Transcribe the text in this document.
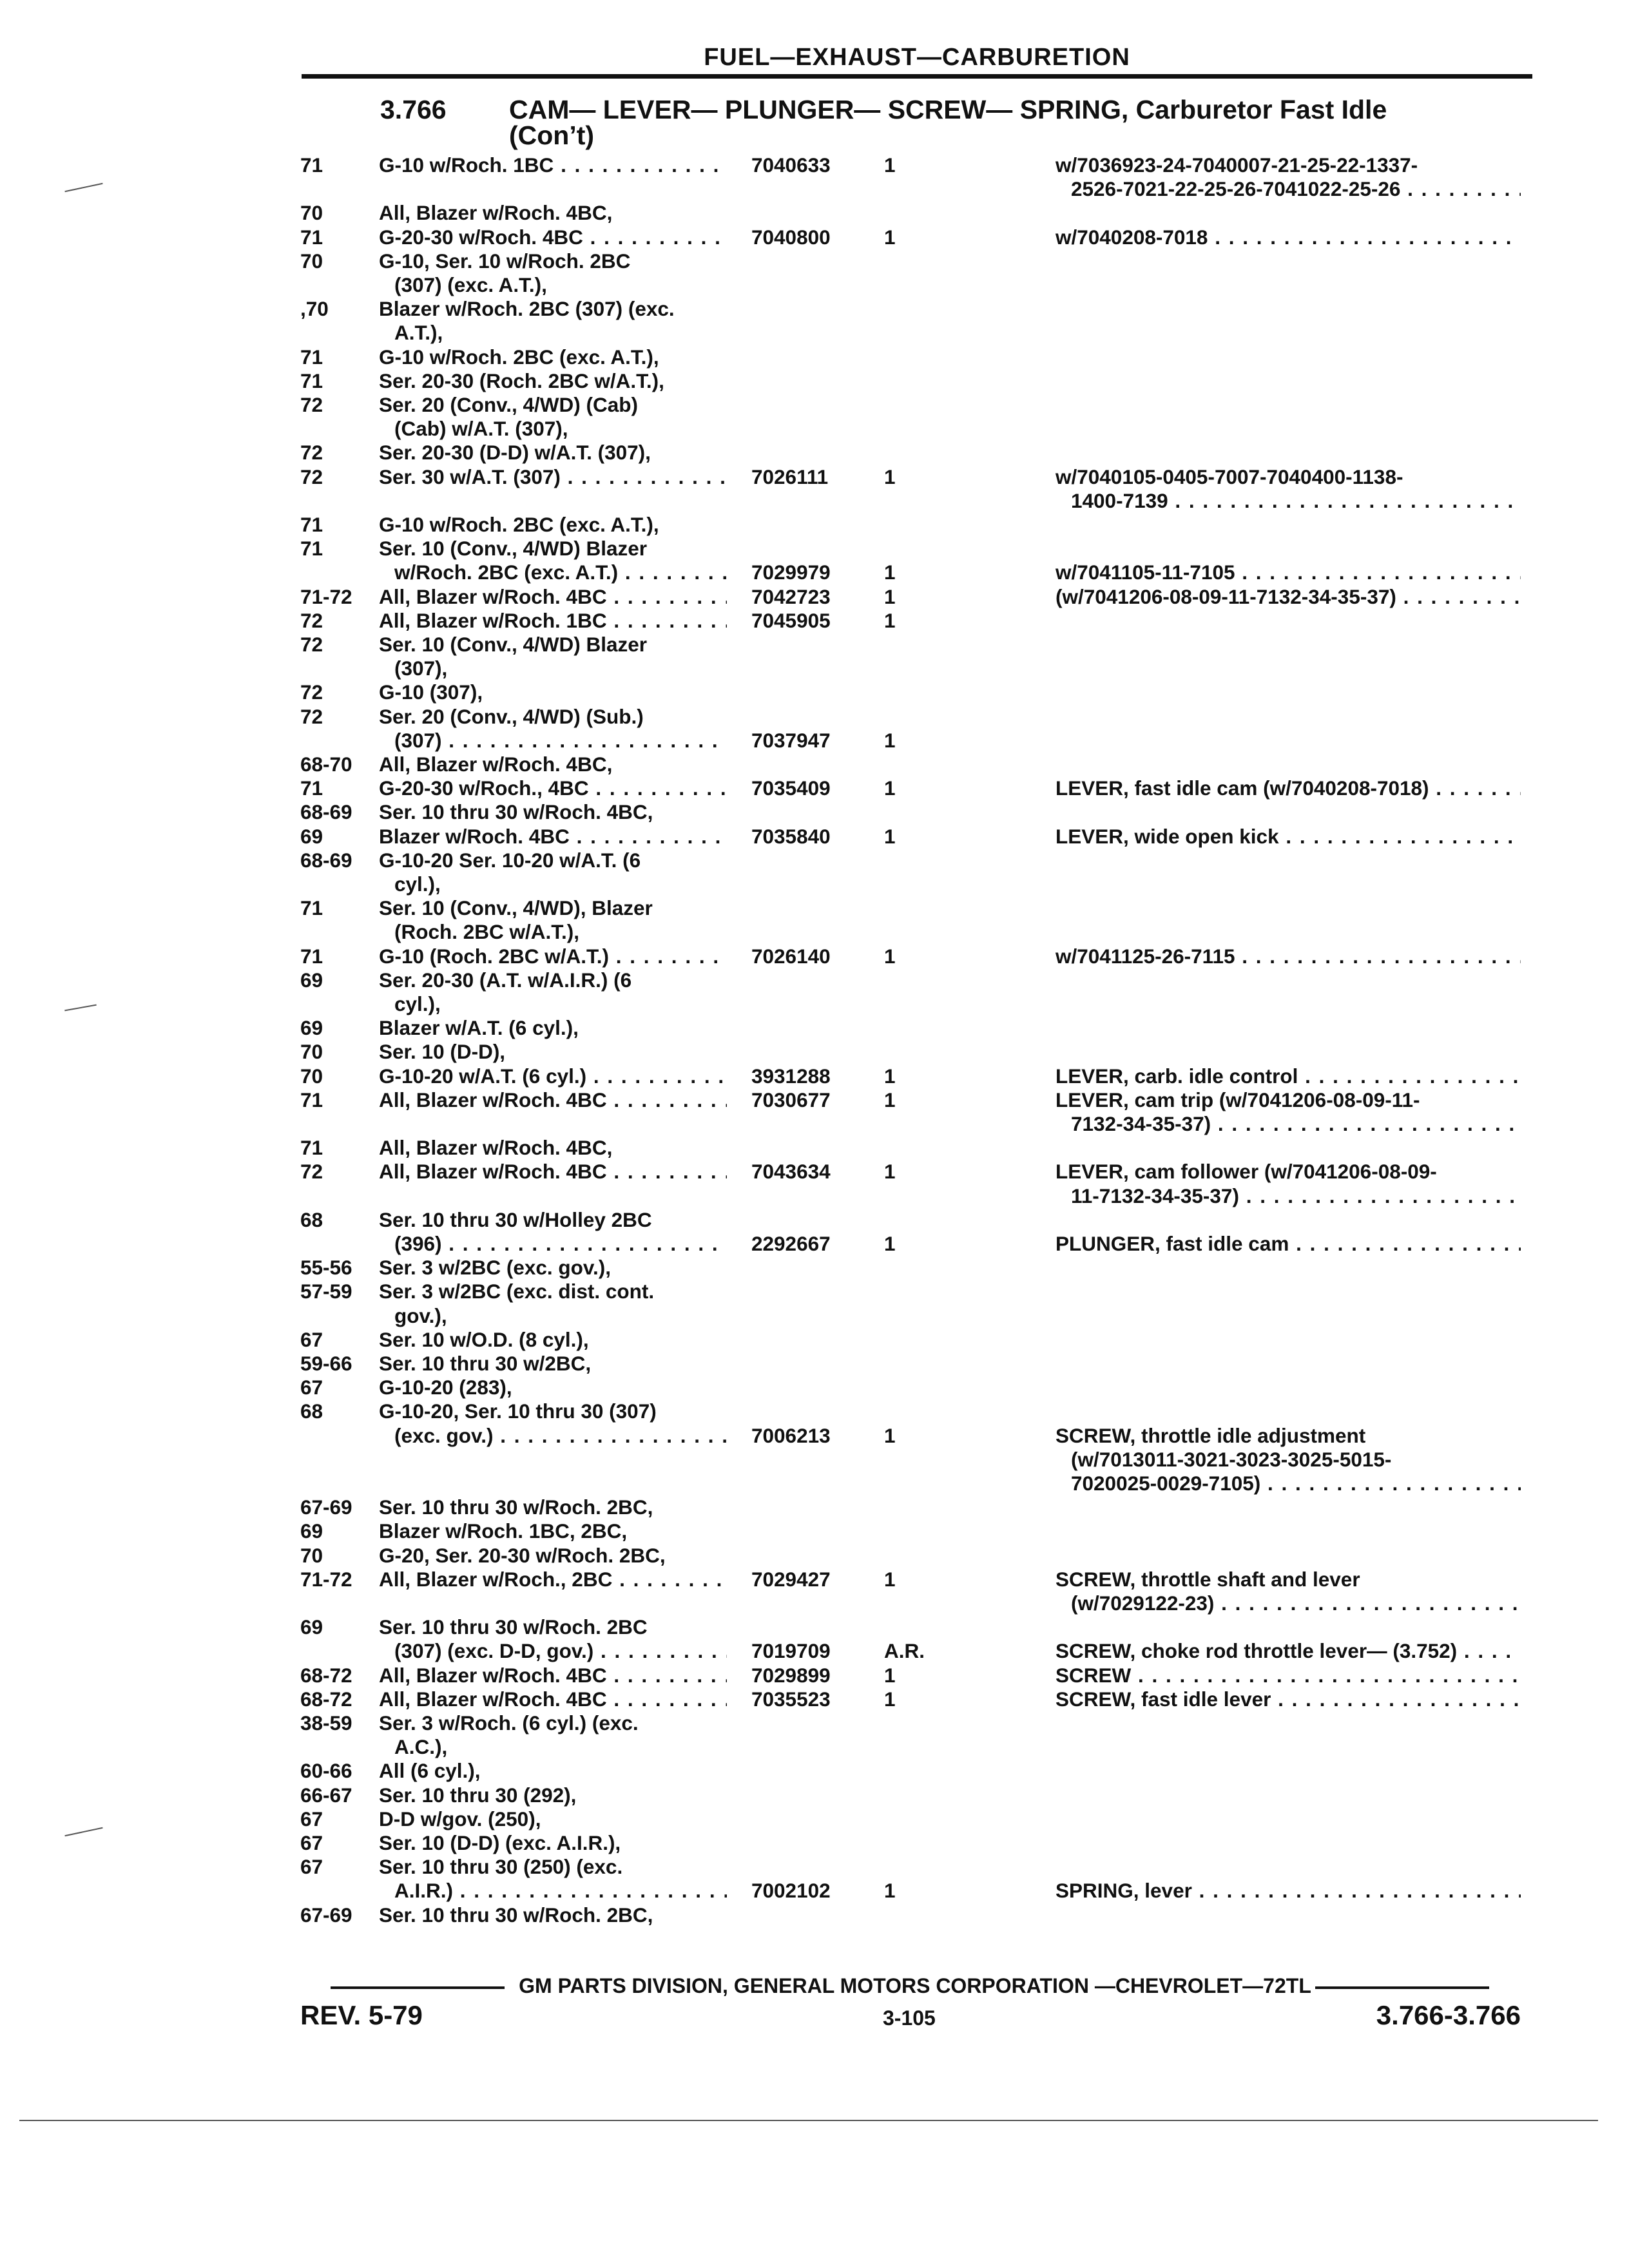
FUEL—EXHAUST—CARBURETION
3.766 CAM— LEVER— PLUNGER— SCREW— SPRING, Carburetor Fast Idle
(Con’t)
71	G-10 w/Roch. 1BC . . .	7040633	1	w/7036923-24-7040007-21-25-22-1337-
2526-7021-22-25-26-7041022-25-26 . . .
70	All, Blazer w/Roch. 4BC,
71	G-20-30 w/Roch. 4BC . . .	7040800	1	w/7040208-7018 . . .
70	G-10, Ser. 10 w/Roch. 2BC
(307) (exc. A.T.),
,70	Blazer w/Roch. 2BC (307) (exc.
A.T.),
71	G-10 w/Roch. 2BC (exc. A.T.),
71	Ser. 20-30 (Roch. 2BC w/A.T.),
72	Ser. 20 (Conv., 4/WD) (Cab)
(Cab) w/A.T. (307),
72	Ser. 20-30 (D-D) w/A.T. (307),
72	Ser. 30 w/A.T. (307) . . .	7026111	1	w/7040105-0405-7007-7040400-1138-
1400-7139 . . .
71	G-10 w/Roch. 2BC (exc. A.T.),
71	Ser. 10 (Conv., 4/WD) Blazer
w/Roch. 2BC (exc. A.T.) . . .	7029979	1	w/7041105-11-7105 . . .
71-72	All, Blazer w/Roch. 4BC . . .	7042723	1	(w/7041206-08-09-11-7132-34-35-37) . . .
72	All, Blazer w/Roch. 1BC . . .	7045905	1
72	Ser. 10 (Conv., 4/WD) Blazer
(307),
72	G-10 (307),
72	Ser. 20 (Conv., 4/WD) (Sub.)
(307) . . .	7037947	1
68-70	All, Blazer w/Roch. 4BC,
71	G-20-30 w/Roch., 4BC . . .	7035409	1	LEVER, fast idle cam (w/7040208-7018) . . .
68-69	Ser. 10 thru 30 w/Roch. 4BC,
69	Blazer w/Roch. 4BC . . .	7035840	1	LEVER, wide open kick . . .
68-69	G-10-20 Ser. 10-20 w/A.T. (6
cyl.),
71	Ser. 10 (Conv., 4/WD), Blazer
(Roch. 2BC w/A.T.),
71	G-10 (Roch. 2BC w/A.T.) . . .	7026140	1	w/7041125-26-7115 . . .
69	Ser. 20-30 (A.T. w/A.I.R.) (6
cyl.),
69	Blazer w/A.T. (6 cyl.),
70	Ser. 10 (D-D),
70	G-10-20 w/A.T. (6 cyl.) . . .	3931288	1	LEVER, carb. idle control . . .
71	All, Blazer w/Roch. 4BC . . .	7030677	1	LEVER, cam trip (w/7041206-08-09-11-
7132-34-35-37) . . .
71	All, Blazer w/Roch. 4BC,
72	All, Blazer w/Roch. 4BC . . .	7043634	1	LEVER, cam follower (w/7041206-08-09-
11-7132-34-35-37) . . .
68	Ser. 10 thru 30 w/Holley 2BC
(396) . . .	2292667	1	PLUNGER, fast idle cam . . .
55-56	Ser. 3 w/2BC (exc. gov.),
57-59	Ser. 3 w/2BC (exc. dist. cont.
gov.),
67	Ser. 10 w/O.D. (8 cyl.),
59-66	Ser. 10 thru 30 w/2BC,
67	G-10-20 (283),
68	G-10-20, Ser. 10 thru 30 (307)
(exc. gov.) . . .	7006213	1	SCREW, throttle idle adjustment
(w/7013011-3021-3023-3025-5015-
7020025-0029-7105) . . .
67-69	Ser. 10 thru 30 w/Roch. 2BC,
69	Blazer w/Roch. 1BC, 2BC,
70	G-20, Ser. 20-30 w/Roch. 2BC,
71-72	All, Blazer w/Roch., 2BC . . .	7029427	1	SCREW, throttle shaft and lever
(w/7029122-23) . . .
69	Ser. 10 thru 30 w/Roch. 2BC
(307) (exc. D-D, gov.) . . .	7019709	A.R.	SCREW, choke rod throttle lever— (3.752) . . .
68-72	All, Blazer w/Roch. 4BC . . .	7029899	1	SCREW . . .
68-72	All, Blazer w/Roch. 4BC . . .	7035523	1	SCREW, fast idle lever . . .
38-59	Ser. 3 w/Roch. (6 cyl.) (exc.
A.C.),
60-66	All (6 cyl.),
66-67	Ser. 10 thru 30 (292),
67	D-D w/gov. (250),
67	Ser. 10 (D-D) (exc. A.I.R.),
67	Ser. 10 thru 30 (250) (exc.
A.I.R.) . . .	7002102	1	SPRING, lever . . .
67-69	Ser. 10 thru 30 w/Roch. 2BC,
GM PARTS DIVISION, GENERAL MOTORS CORPORATION —CHEVROLET—72TL
REV. 5-79	3-105	3.766-3.766
